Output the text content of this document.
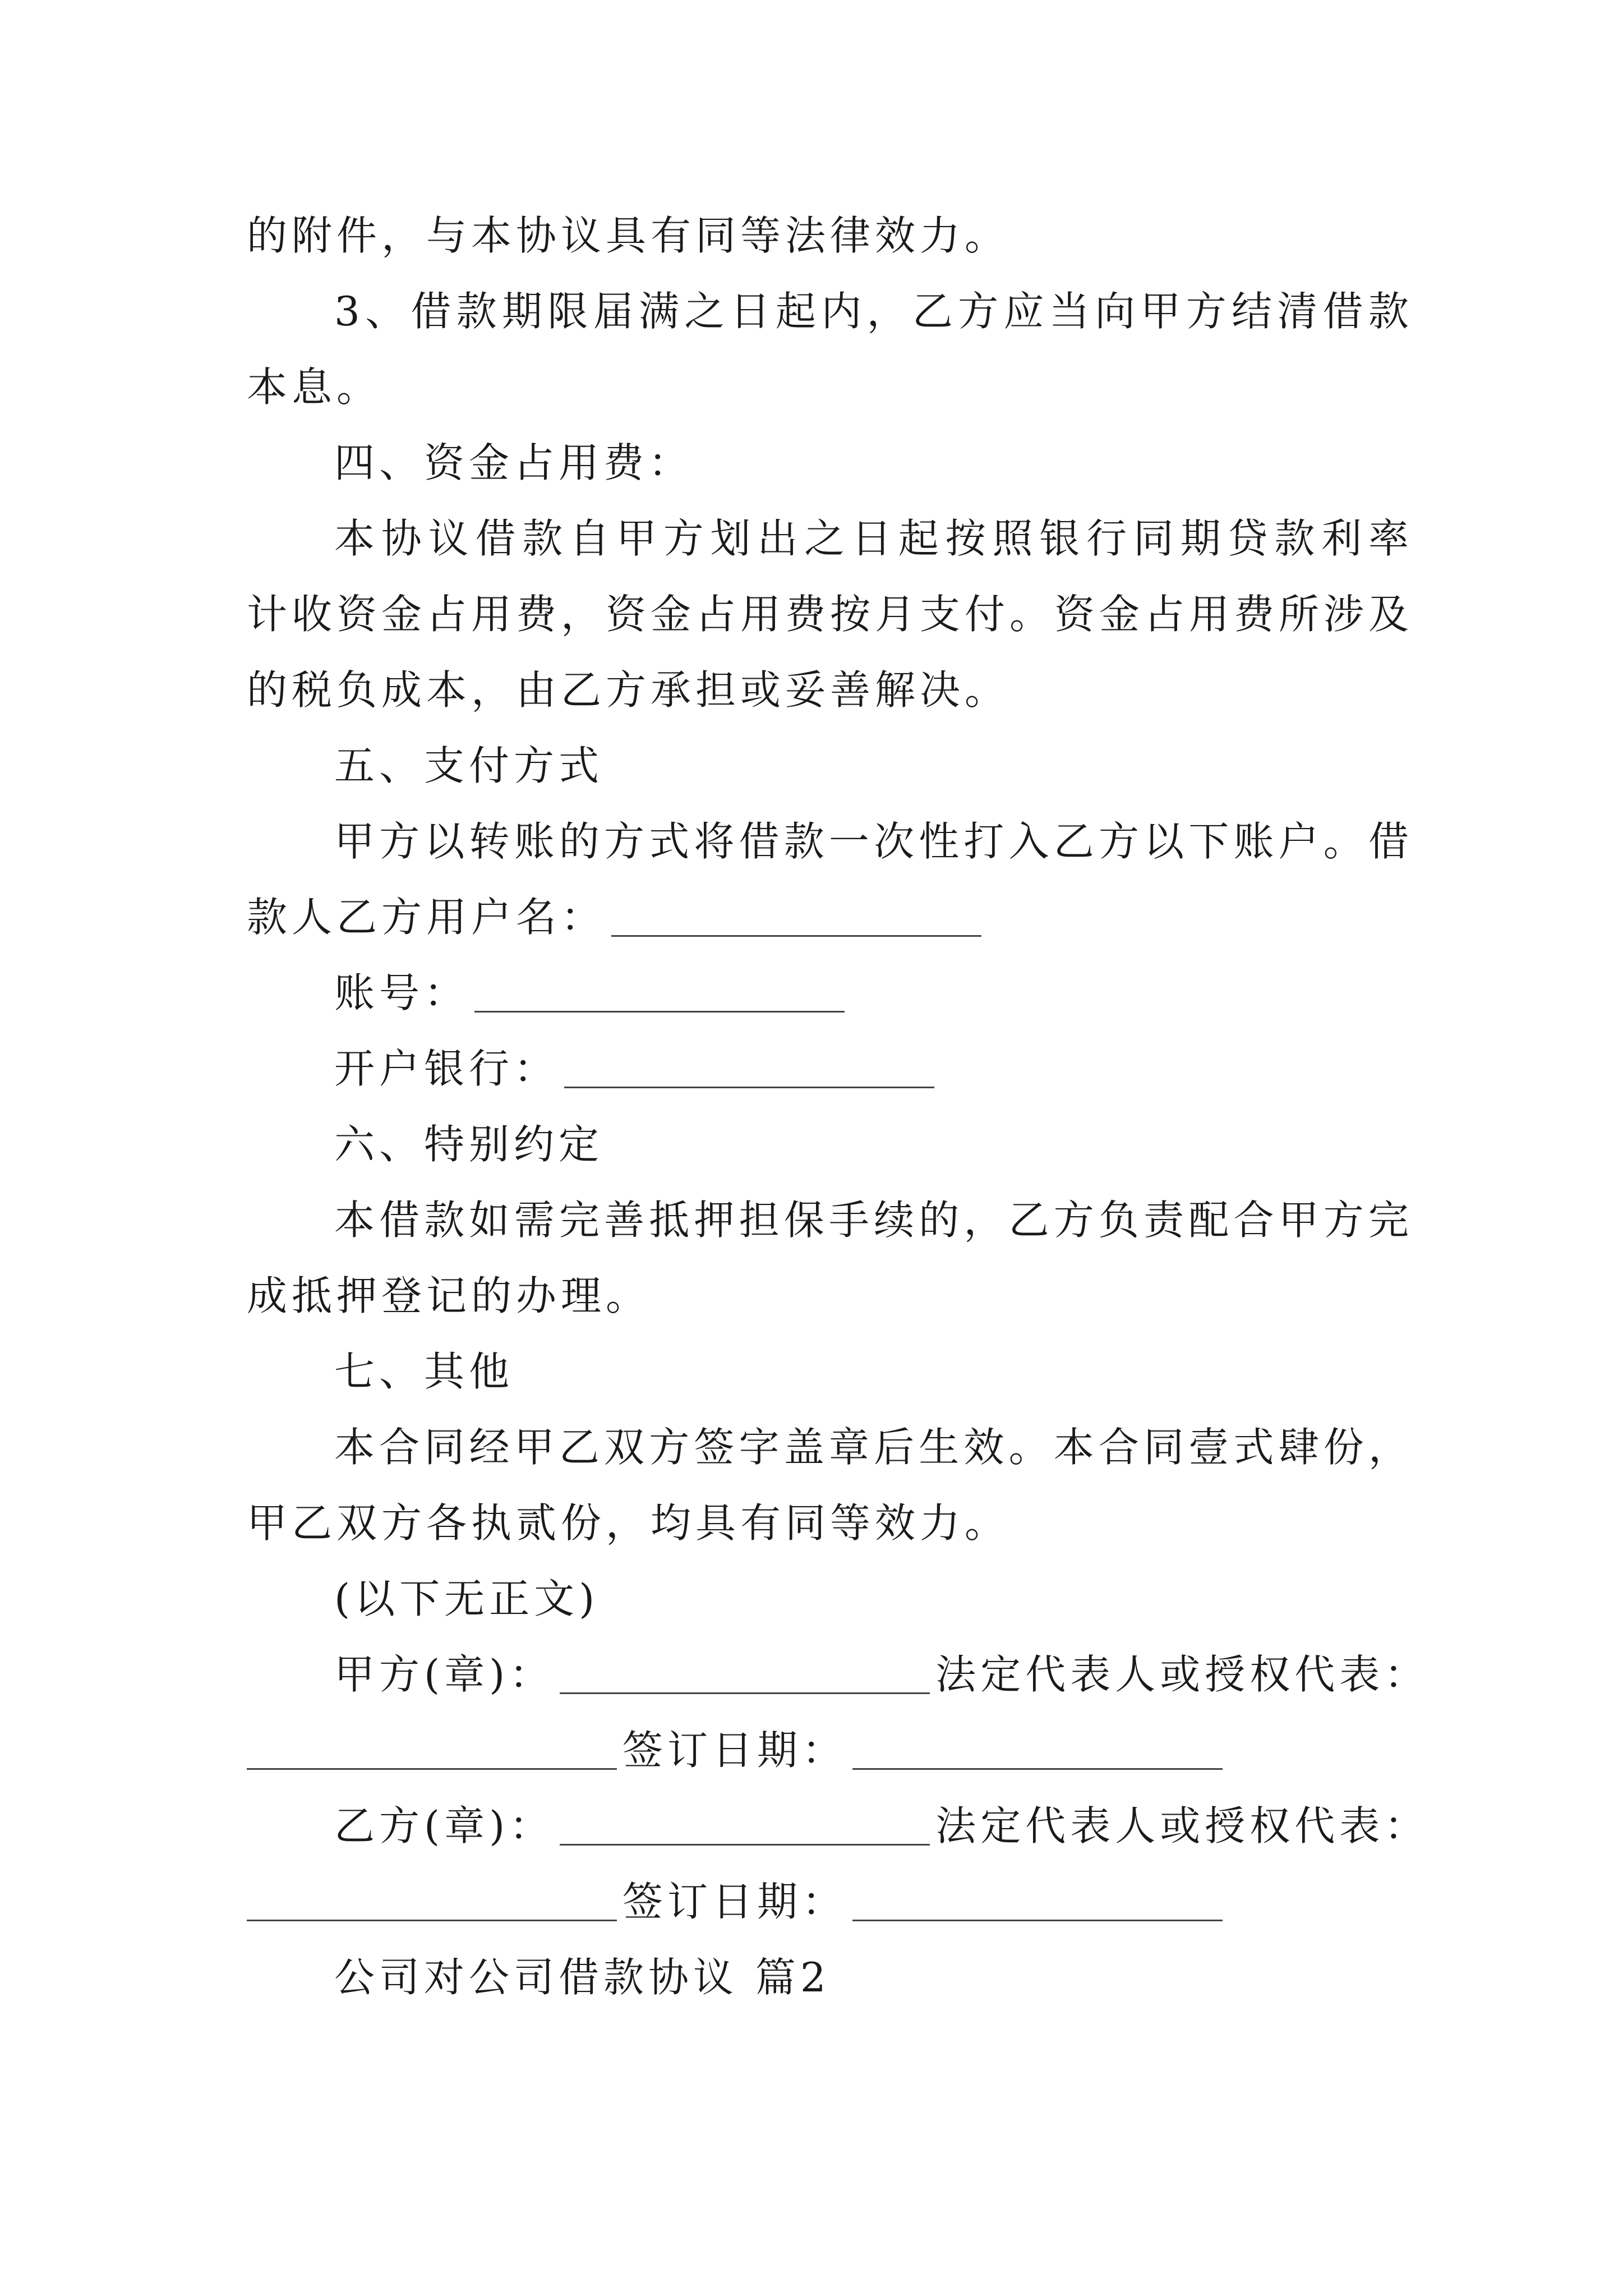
的附件，与本协议具有同等法律效力。
3、借款期限届满之日起内，乙方应当向甲方结清借款
本息。
四、资金占用费：
本协议借款自甲方划出之日起按照银行同期贷款利率
计收资金占用费，资金占用费按月支付。资金占用费所涉及
的税负成本，由乙方承担或妥善解决。
五、支付方式
甲方以转账的方式将借款一次性打入乙方以下账户。借
款人乙方用户名：
账号：
开户银行：
六、特别约定
本借款如需完善抵押担保手续的，乙方负责配合甲方完
成抵押登记的办理。
七、其他
本合同经甲乙双方签字盖章后生效。本合同壹式肆份，
甲乙双方各执贰份，均具有同等效力。
(以下无正文)
甲方(章)：	法定代表人或授权代表：
签订日期：
乙方(章)：	法定代表人或授权代表：
签订日期：
公司对公司借款协议 篇2
